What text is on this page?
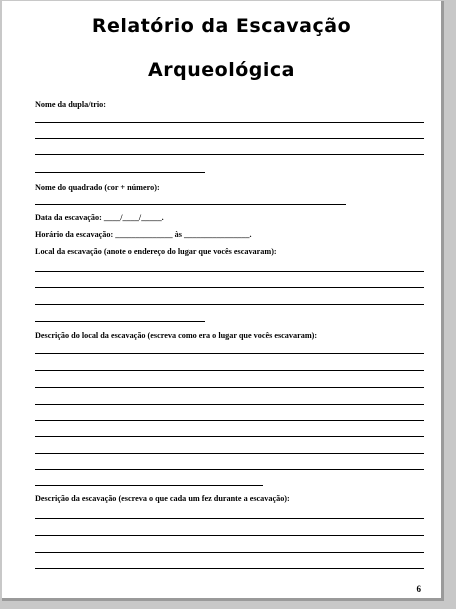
Relatório da Escavação
Arqueológica
Nome da dupla/trio:
Nome do quadrado (cor + número):
Data da escavação: ____/____/_____.
Horário da escavação: ______________ às ________________.
Local da escavação (anote o endereço do lugar que vocês escavaram):
Descrição do local da escavação (escreva como era o lugar que vocês escavaram):
Descrição da escavação (escreva o que cada um fez durante a escavação):
6
